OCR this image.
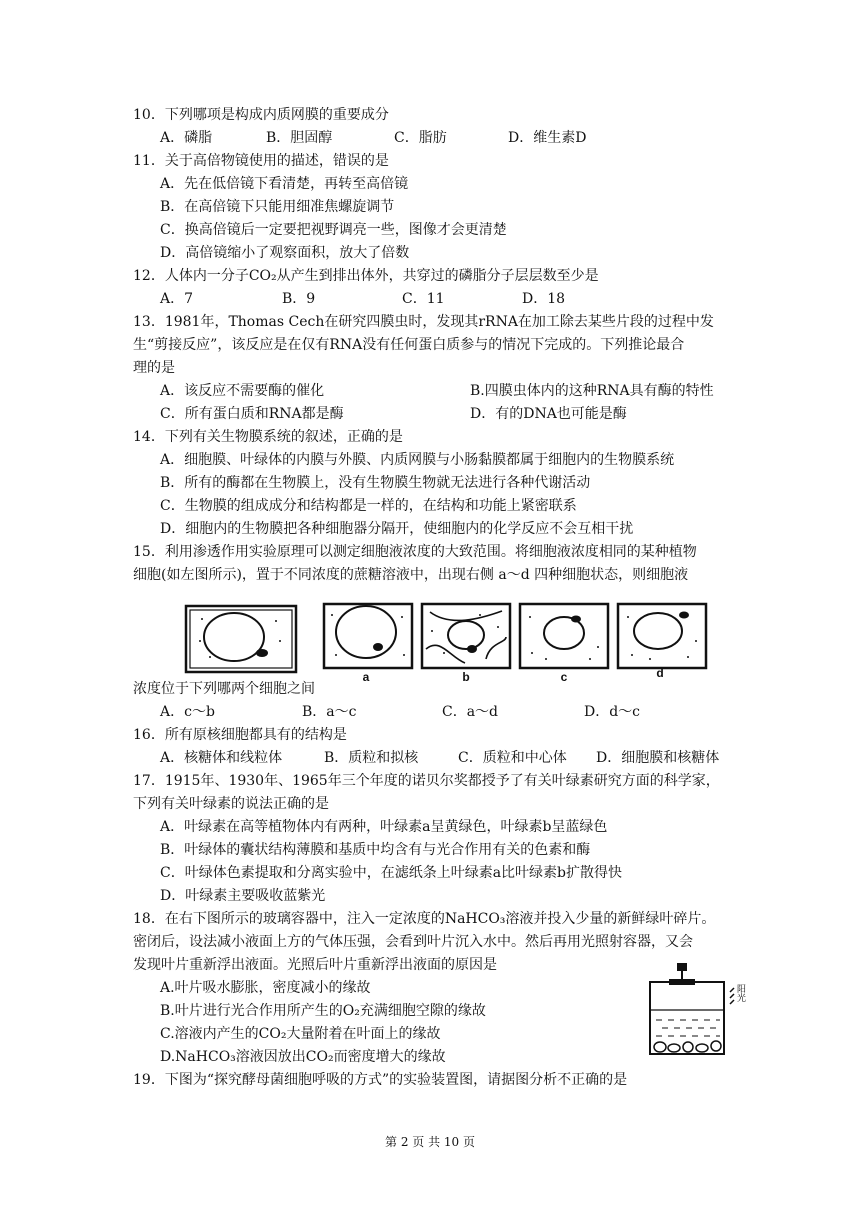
10．下列哪项是构成内质网膜的重要成分
A．磷脂	B．胆固醇	C．脂肪	D．维生素D
11．关于高倍物镜使用的描述，错误的是
A．先在低倍镜下看清楚，再转至高倍镜
B．在高倍镜下只能用细准焦螺旋调节
C．换高倍镜后一定要把视野调亮一些，图像才会更清楚
D．高倍镜缩小了观察面积，放大了倍数
12．人体内一分子CO₂从产生到排出体外，共穿过的磷脂分子层层数至少是
A．7	B．9	C．11	D．18
13．1981年，Thomas Cech在研究四膜虫时，发现其rRNA在加工除去某些片段的过程中发
生“剪接反应”，该反应是在仅有RNA没有任何蛋白质参与的情况下完成的。下列推论最合
理的是
A．该反应不需要酶的催化	B.四膜虫体内的这种RNA具有酶的特性
C．所有蛋白质和RNA都是酶	D．有的DNA也可能是酶
14．下列有关生物膜系统的叙述，正确的是
A．细胞膜、叶绿体的内膜与外膜、内质网膜与小肠黏膜都属于细胞内的生物膜系统
B．所有的酶都在生物膜上，没有生物膜生物就无法进行各种代谢活动
C．生物膜的组成成分和结构都是一样的，在结构和功能上紧密联系
D．细胞内的生物膜把各种细胞器分隔开，使细胞内的化学反应不会互相干扰
15．利用渗透作用实验原理可以测定细胞液浓度的大致范围。将细胞液浓度相同的某种植物
细胞(如左图所示)，置于不同浓度的蔗糖溶液中，出现右侧 a～d 四种细胞状态，则细胞液
a	b	c	d
浓度位于下列哪两个细胞之间
A．c～b	B．a～c	C．a～d	D．d～c
16．所有原核细胞都具有的结构是
A．核糖体和线粒体	B．质粒和拟核	C．质粒和中心体 D．细胞膜和核糖体
17．1915年、1930年、1965年三个年度的诺贝尔奖都授予了有关叶绿素研究方面的科学家，
下列有关叶绿素的说法正确的是
A．叶绿素在高等植物体内有两种，叶绿素a呈黄绿色，叶绿素b呈蓝绿色
B．叶绿体的囊状结构薄膜和基质中均含有与光合作用有关的色素和酶
C．叶绿体色素提取和分离实验中，在滤纸条上叶绿素a比叶绿素b扩散得快
D．叶绿素主要吸收蓝紫光
18．在右下图所示的玻璃容器中，注入一定浓度的NaHCO₃溶液并投入少量的新鲜绿叶碎片。
密闭后，设法减小液面上方的气体压强，会看到叶片沉入水中。然后再用光照射容器，又会
发现叶片重新浮出液面。光照后叶片重新浮出液面的原因是
A.叶片吸水膨胀，密度减小的缘故
B.叶片进行光合作用所产生的O₂充满细胞空隙的缘故
C.溶液内产生的CO₂大量附着在叶面上的缘故
D.NaHCO₃溶液因放出CO₂而密度增大的缘故
阳光
19．下图为“探究酵母菌细胞呼吸的方式”的实验装置图，请据图分析不正确的是
第 2 页 共 10 页
